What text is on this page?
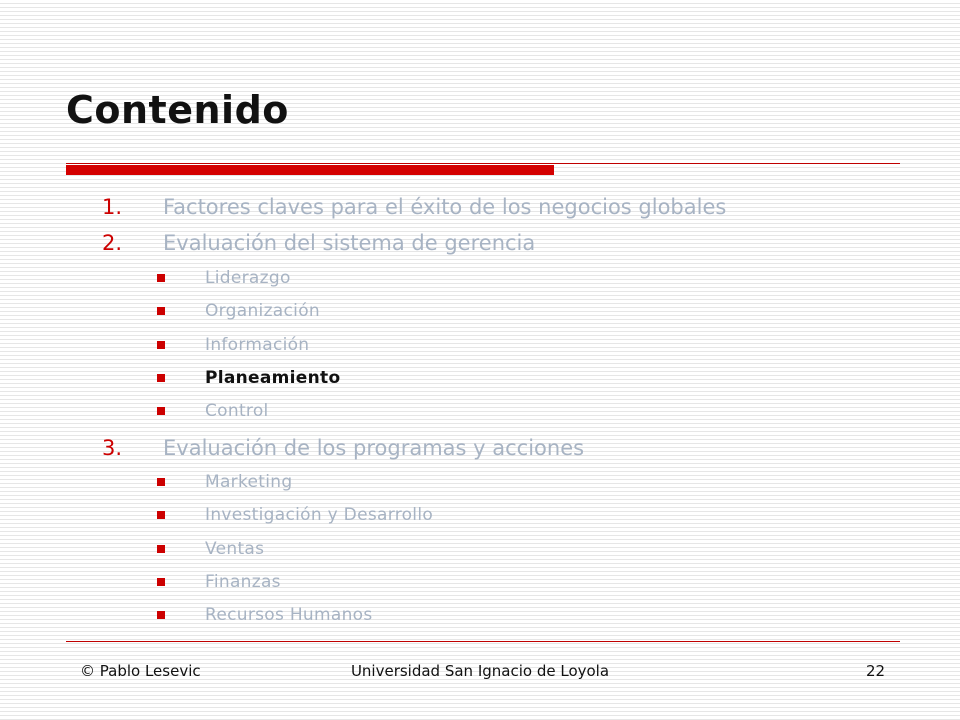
Contenido
1. Factores claves para el éxito de los negocios globales
2. Evaluación del sistema de gerencia
Liderazgo
Organización
Información
Planeamiento
Control
3. Evaluación de los programas y acciones
Marketing
Investigación y Desarrollo
Ventas
Finanzas
Recursos Humanos
© Pablo Lesevic	Universidad San Ignacio de Loyola	22
